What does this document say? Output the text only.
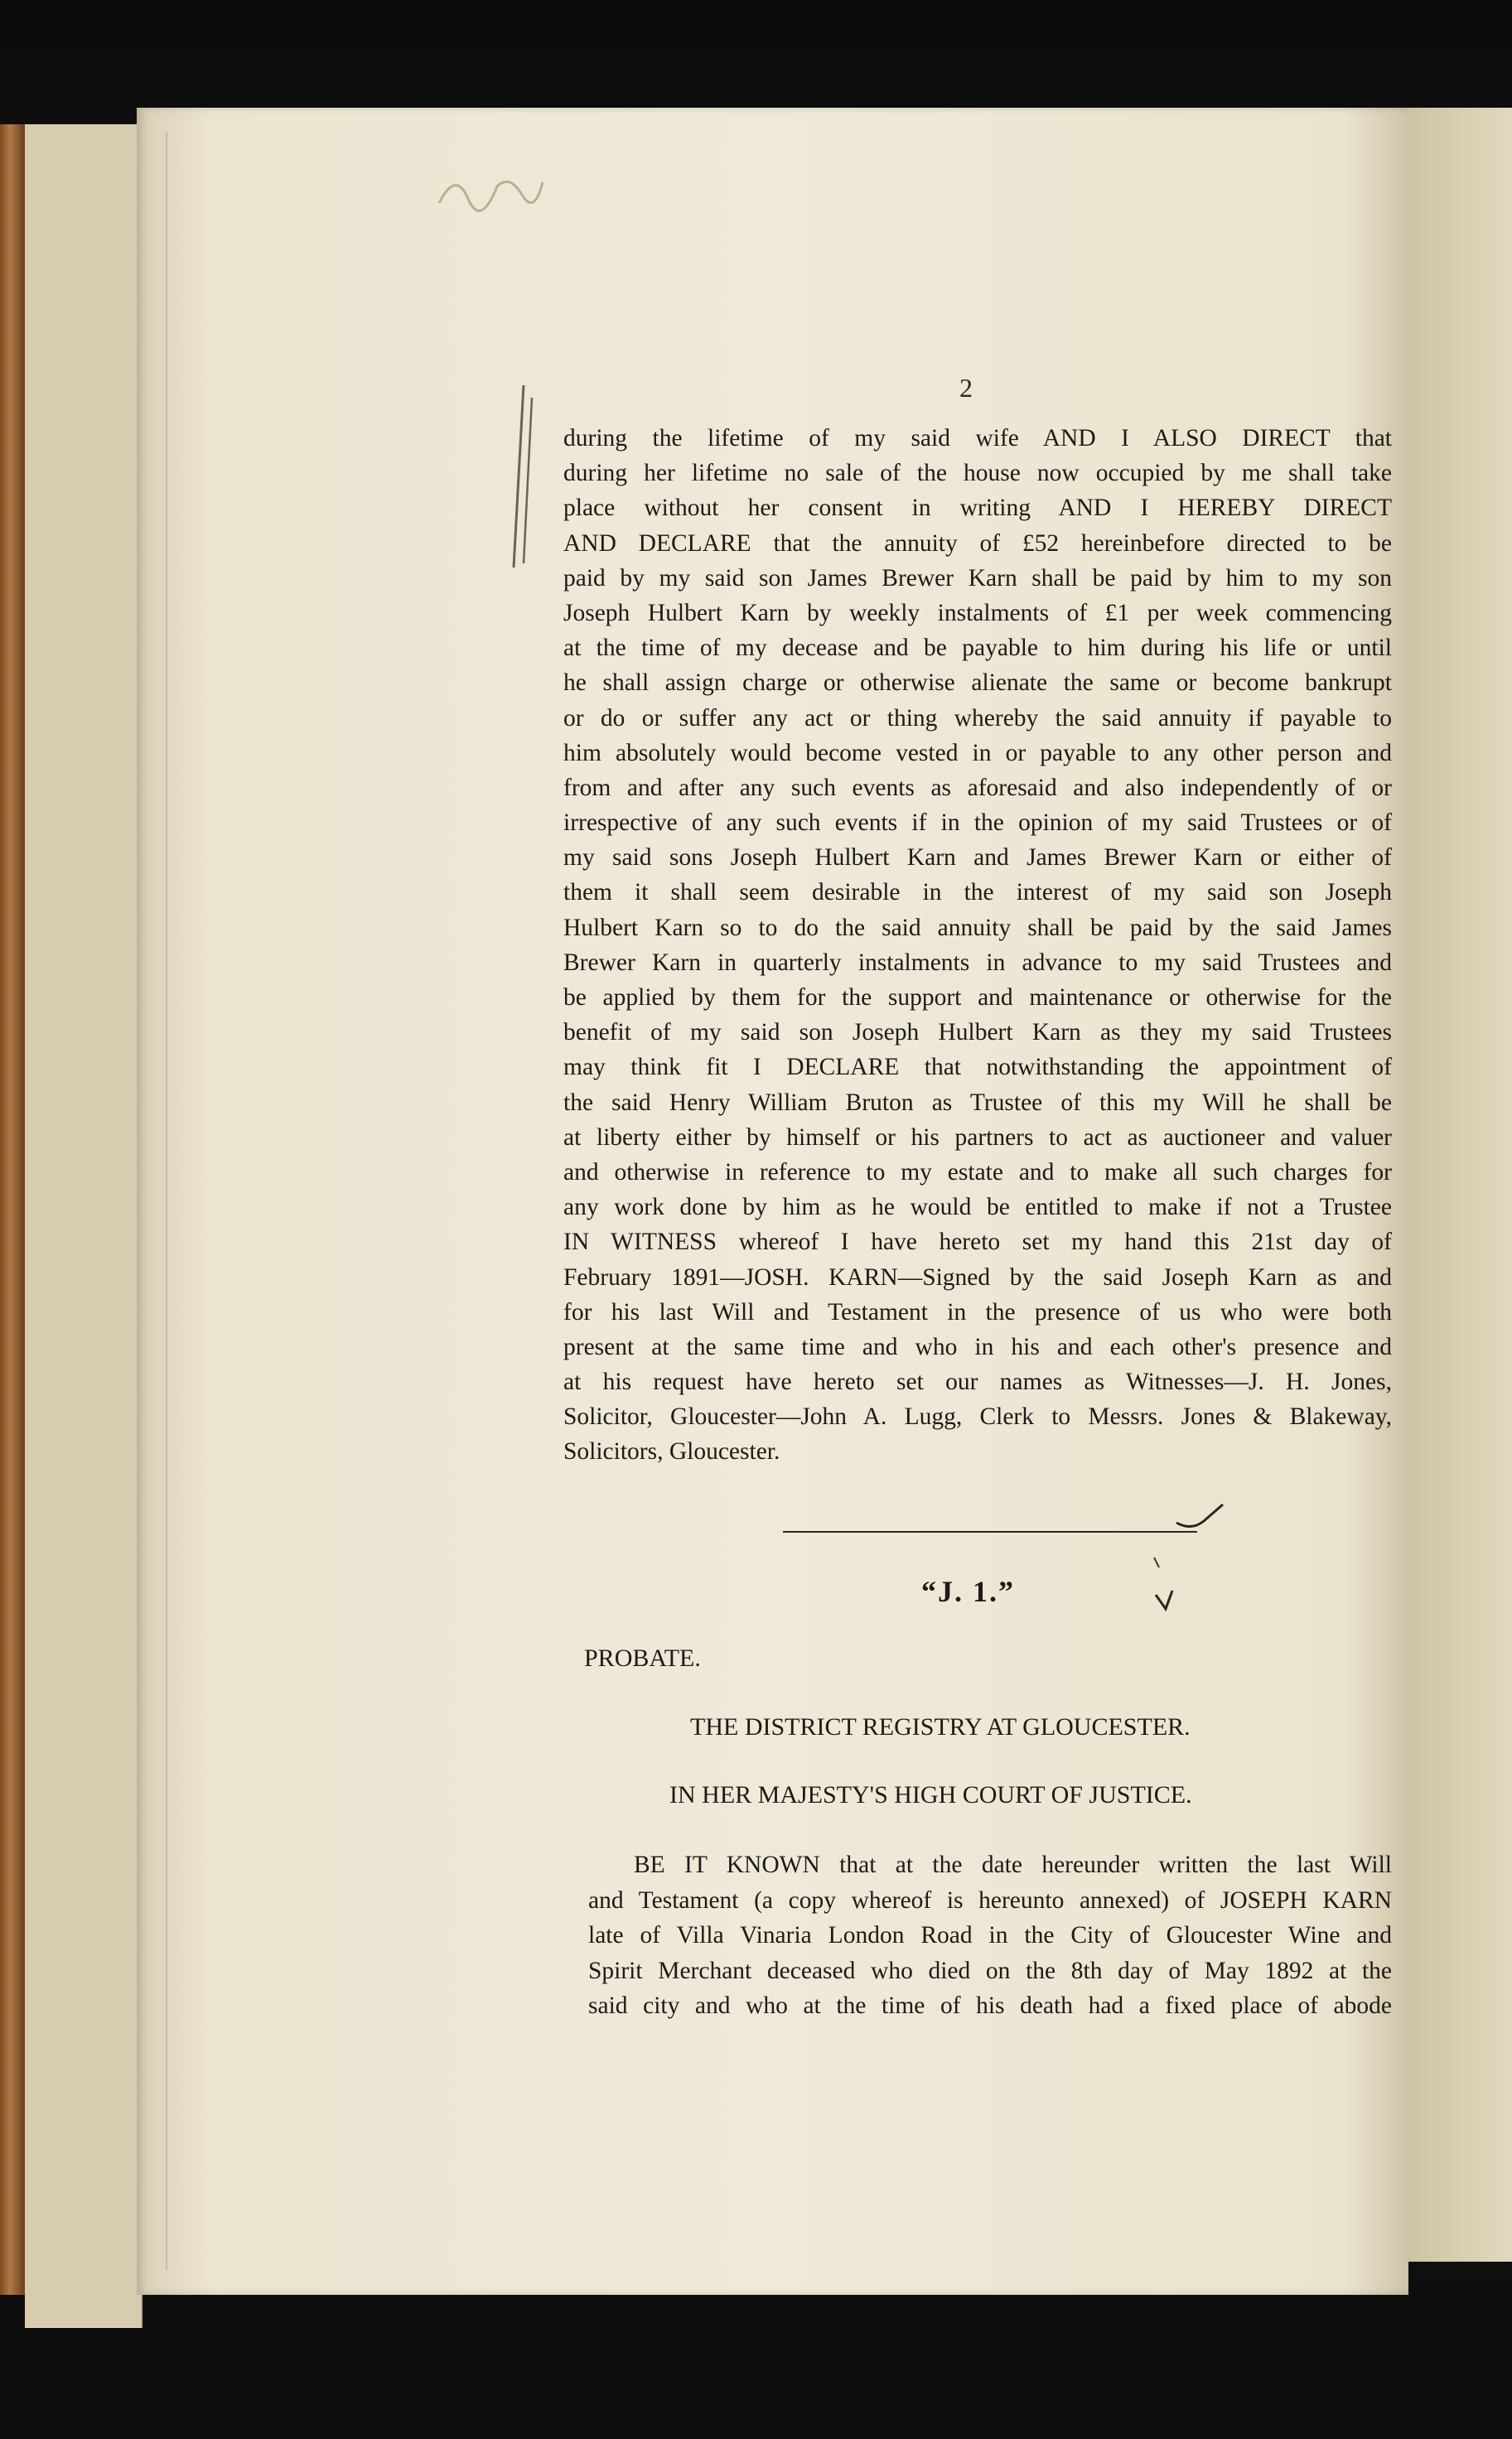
2
during the lifetime of my said wife AND I ALSO DIRECT that
during her lifetime no sale of the house now occupied by me shall take
place without her consent in writing AND I HEREBY DIRECT
AND DECLARE that the annuity of £52 hereinbefore directed to be
paid by my said son James Brewer Karn shall be paid by him to my son
Joseph Hulbert Karn by weekly instalments of £1 per week commencing
at the time of my decease and be payable to him during his life or until
he shall assign charge or otherwise alienate the same or become bankrupt
or do or suffer any act or thing whereby the said annuity if payable to
him absolutely would become vested in or payable to any other person and
from and after any such events as aforesaid and also independently of or
irrespective of any such events if in the opinion of my said Trustees or of
my said sons Joseph Hulbert Karn and James Brewer Karn or either of
them it shall seem desirable in the interest of my said son Joseph
Hulbert Karn so to do the said annuity shall be paid by the said James
Brewer Karn in quarterly instalments in advance to my said Trustees and
be applied by them for the support and maintenance or otherwise for the
benefit of my said son Joseph Hulbert Karn as they my said Trustees
may think fit I DECLARE that notwithstanding the appointment of
the said Henry William Bruton as Trustee of this my Will he shall be
at liberty either by himself or his partners to act as auctioneer and valuer
and otherwise in reference to my estate and to make all such charges for
any work done by him as he would be entitled to make if not a Trustee
IN WITNESS whereof I have hereto set my hand this 21st day of
February 1891—JOSH. KARN—Signed by the said Joseph Karn as and
for his last Will and Testament in the presence of us who were both
present at the same time and who in his and each other's presence and
at his request have hereto set our names as Witnesses—J. H. Jones,
Solicitor, Gloucester—John A. Lugg, Clerk to Messrs. Jones & Blakeway,
Solicitors, Gloucester.
“J. 1.”
PROBATE.
THE DISTRICT REGISTRY AT GLOUCESTER.
IN HER MAJESTY'S HIGH COURT OF JUSTICE.
BE IT KNOWN that at the date hereunder written the last Will
and Testament (a copy whereof is hereunto annexed) of JOSEPH KARN
late of Villa Vinaria London Road in the City of Gloucester Wine and
Spirit Merchant deceased who died on the 8th day of May 1892 at the
said city and who at the time of his death had a fixed place of abode
